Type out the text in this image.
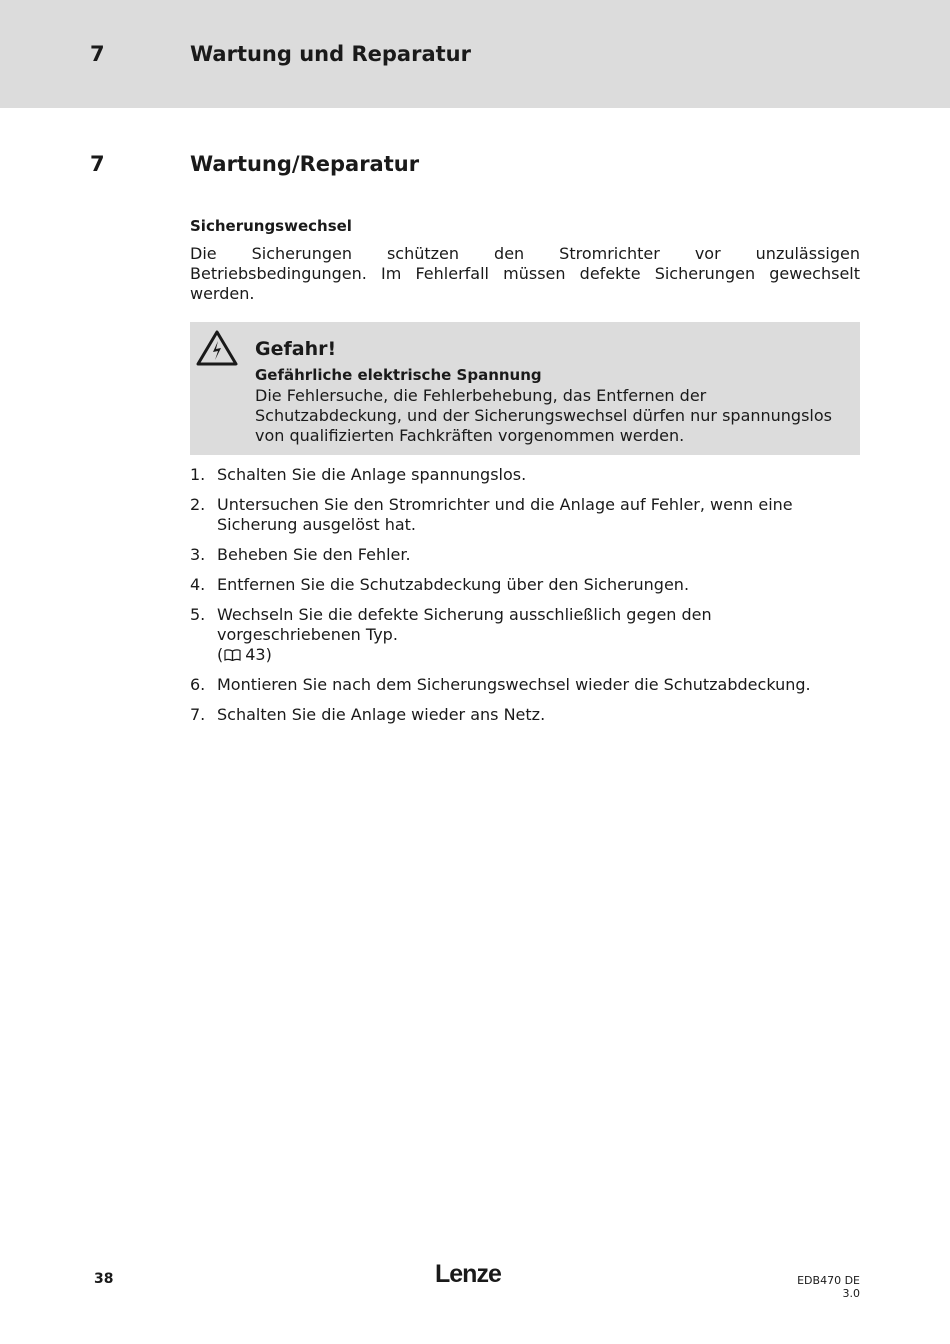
7	Wartung und Reparatur
7	Wartung/Reparatur

Sicherungswechsel

Die Sicherungen schützen den Stromrichter vor unzulässigen Betriebsbedingungen. Im Fehlerfall müssen defekte Sicherungen gewechselt werden.

Gefahr!
Gefährliche elektrische Spannung
Die Fehlersuche, die Fehlerbehebung, das Entfernen der Schutzabdeckung, und der Sicherungswechsel dürfen nur spannungslos von qualifizierten Fachkräften vorgenommen werden.
1. Schalten Sie die Anlage spannungslos.
2. Untersuchen Sie den Stromrichter und die Anlage auf Fehler, wenn eine Sicherung ausgelöst hat.
3. Beheben Sie den Fehler.
4. Entfernen Sie die Schutzabdeckung über den Sicherungen.
5. Wechseln Sie die defekte Sicherung ausschließlich gegen den vorgeschriebenen Typ.
( 43)
6. Montieren Sie nach dem Sicherungswechsel wieder die Schutzabdeckung.
7. Schalten Sie die Anlage wieder ans Netz.
38	Lenze	EDB470 DE 3.0
